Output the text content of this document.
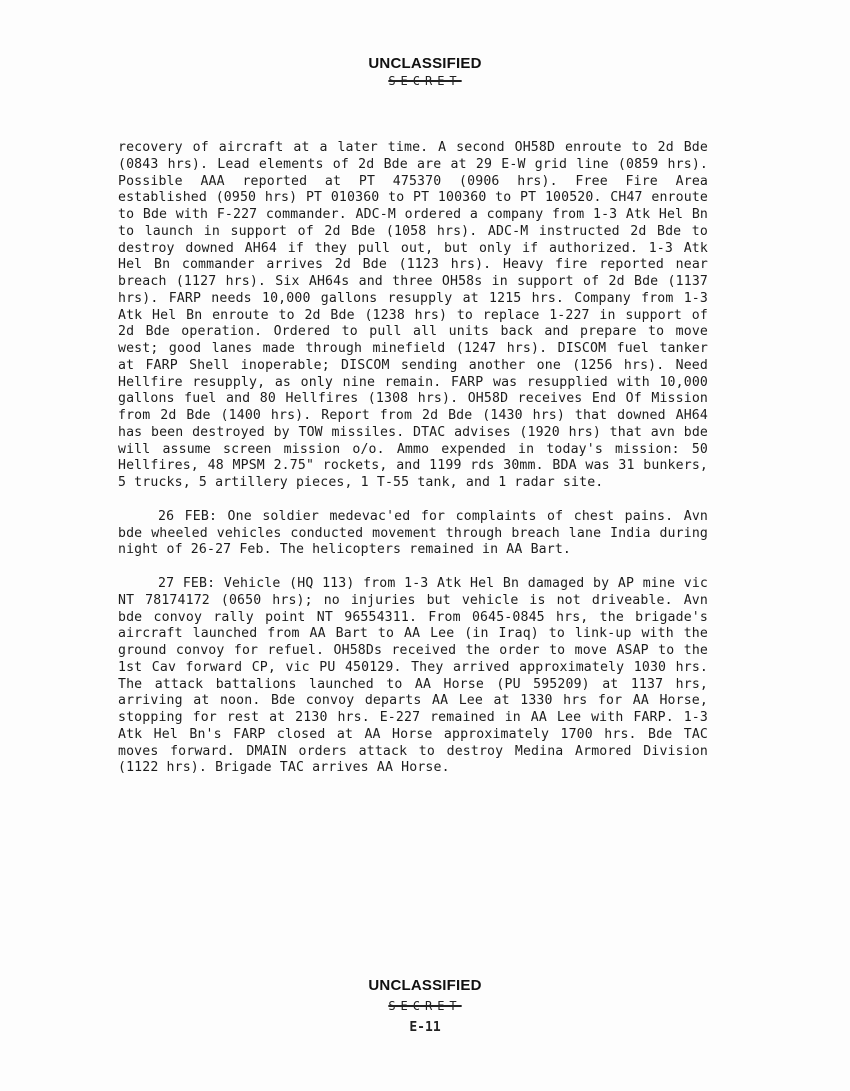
UNCLASSIFIED
SECRET

recovery of aircraft at a later time. A second OH58D enroute to 2d Bde (0843 hrs). Lead elements of 2d Bde are at 29 E-W grid line (0859 hrs). Possible AAA reported at PT 475370 (0906 hrs). Free Fire Area established (0950 hrs) PT 010360 to PT 100360 to PT 100520. CH47 enroute to Bde with F-227 commander. ADC-M ordered a company from 1-3 Atk Hel Bn to launch in support of 2d Bde (1058 hrs). ADC-M instructed 2d Bde to destroy downed AH64 if they pull out, but only if authorized. 1-3 Atk Hel Bn commander arrives 2d Bde (1123 hrs). Heavy fire reported near breach (1127 hrs). Six AH64s and three OH58s in support of 2d Bde (1137 hrs). FARP needs 10,000 gallons resupply at 1215 hrs. Company from 1-3 Atk Hel Bn enroute to 2d Bde (1238 hrs) to replace 1-227 in support of 2d Bde operation. Ordered to pull all units back and prepare to move west; good lanes made through minefield (1247 hrs). DISCOM fuel tanker at FARP Shell inoperable; DISCOM sending another one (1256 hrs). Need Hellfire resupply, as only nine remain. FARP was resupplied with 10,000 gallons fuel and 80 Hellfires (1308 hrs). OH58D receives End Of Mission from 2d Bde (1400 hrs). Report from 2d Bde (1430 hrs) that downed AH64 has been destroyed by TOW missiles. DTAC advises (1920 hrs) that avn bde will assume screen mission o/o. Ammo expended in today's mission: 50 Hellfires, 48 MPSM 2.75" rockets, and 1199 rds 30mm. BDA was 31 bunkers, 5 trucks, 5 artillery pieces, 1 T-55 tank, and 1 radar site.

26 FEB: One soldier medevac'ed for complaints of chest pains. Avn bde wheeled vehicles conducted movement through breach lane India during night of 26-27 Feb. The helicopters remained in AA Bart.

27 FEB: Vehicle (HQ 113) from 1-3 Atk Hel Bn damaged by AP mine vic NT 78174172 (0650 hrs); no injuries but vehicle is not driveable. Avn bde convoy rally point NT 96554311. From 0645-0845 hrs, the brigade's aircraft launched from AA Bart to AA Lee (in Iraq) to link-up with the ground convoy for refuel. OH58Ds received the order to move ASAP to the 1st Cav forward CP, vic PU 450129. They arrived approximately 1030 hrs. The attack battalions launched to AA Horse (PU 595209) at 1137 hrs, arriving at noon. Bde convoy departs AA Lee at 1330 hrs for AA Horse, stopping for rest at 2130 hrs. E-227 remained in AA Lee with FARP. 1-3 Atk Hel Bn's FARP closed at AA Horse approximately 1700 hrs. Bde TAC moves forward. DMAIN orders attack to destroy Medina Armored Division (1122 hrs). Brigade TAC arrives AA Horse.

UNCLASSIFIED
SECRET
E-11
